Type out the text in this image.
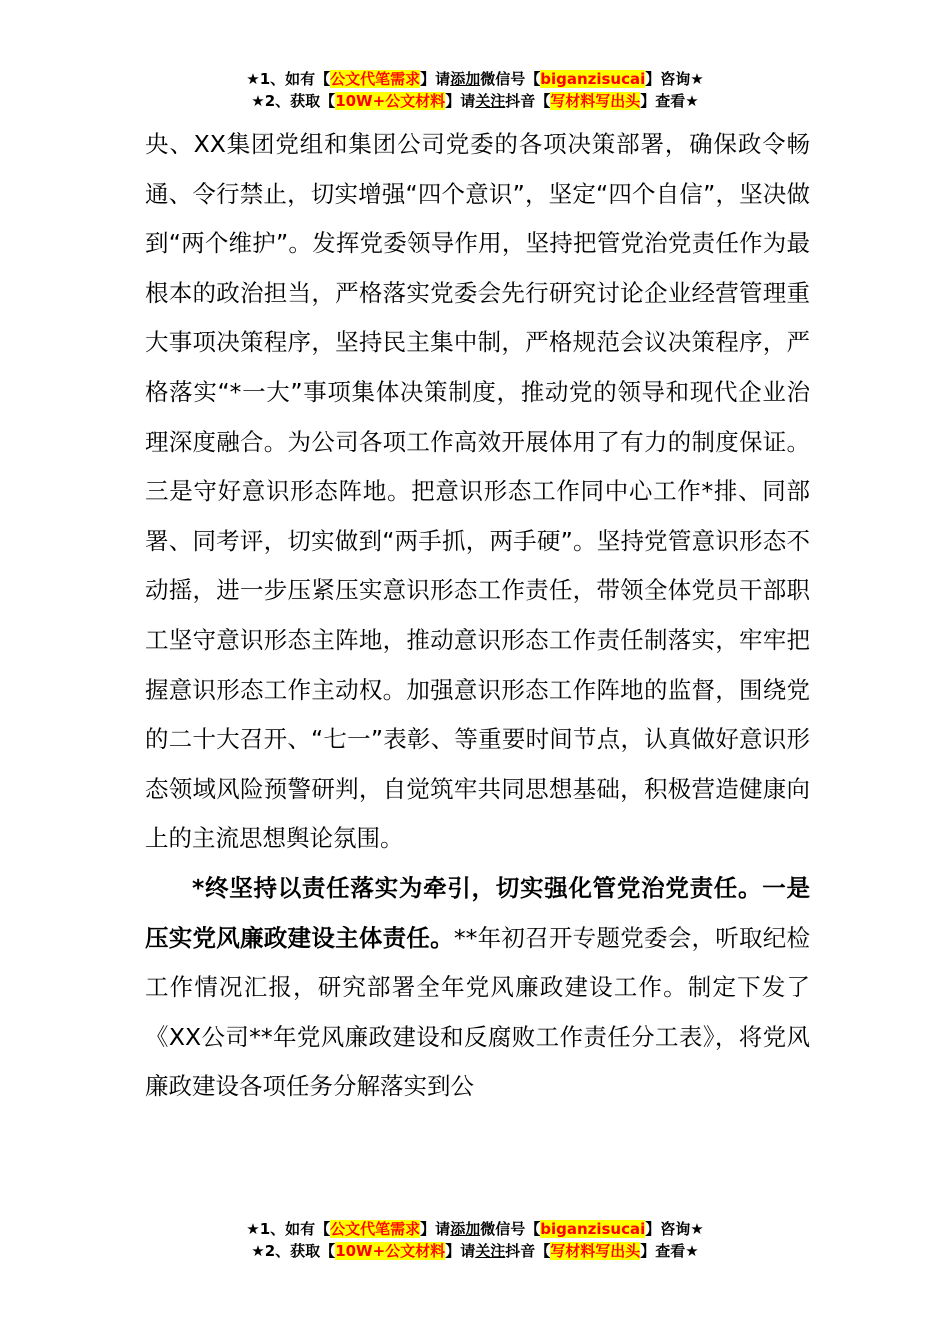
★1、如有【公文代笔需求】请添加微信号【biganzisucai】咨询★
★2、获取【10W+公文材料】请关注抖音【写材料写出头】查看★

央、XX集团党组和集团公司党委的各项决策部署，确保政令畅通、令行禁止，切实增强“四个意识”，坚定“四个自信”，坚决做到“两个维护”。发挥党委领导作用，坚持把管党治党责任作为最根本的政治担当，严格落实党委会先行研究讨论企业经营管理重大事项决策程序，坚持民主集中制，严格规范会议决策程序，严格落实“*一大”事项集体决策制度，推动党的领导和现代企业治理深度融合。为公司各项工作高效开展体用了有力的制度保证。三是守好意识形态阵地。把意识形态工作同中心工作*排、同部署、同考评，切实做到“两手抓，两手硬”。坚持党管意识形态不动摇，进一步压紧压实意识形态工作责任，带领全体党员干部职工坚守意识形态主阵地，推动意识形态工作责任制落实，牢牢把握意识形态工作主动权。加强意识形态工作阵地的监督，围绕党的二十大召开、“七一”表彰、等重要时间节点，认真做好意识形态领域风险预警研判，自觉筑牢共同思想基础，积极营造健康向上的主流思想舆论氛围。

*终坚持以责任落实为牵引，切实强化管党治党责任。一是压实党风廉政建设主体责任。**年初召开专题党委会，听取纪检工作情况汇报，研究部署全年党风廉政建设工作。制定下发了《XX公司**年党风廉政建设和反腐败工作责任分工表》，将党风廉政建设各项任务分解落实到公

★1、如有【公文代笔需求】请添加微信号【biganzisucai】咨询★
★2、获取【10W+公文材料】请关注抖音【写材料写出头】查看★
